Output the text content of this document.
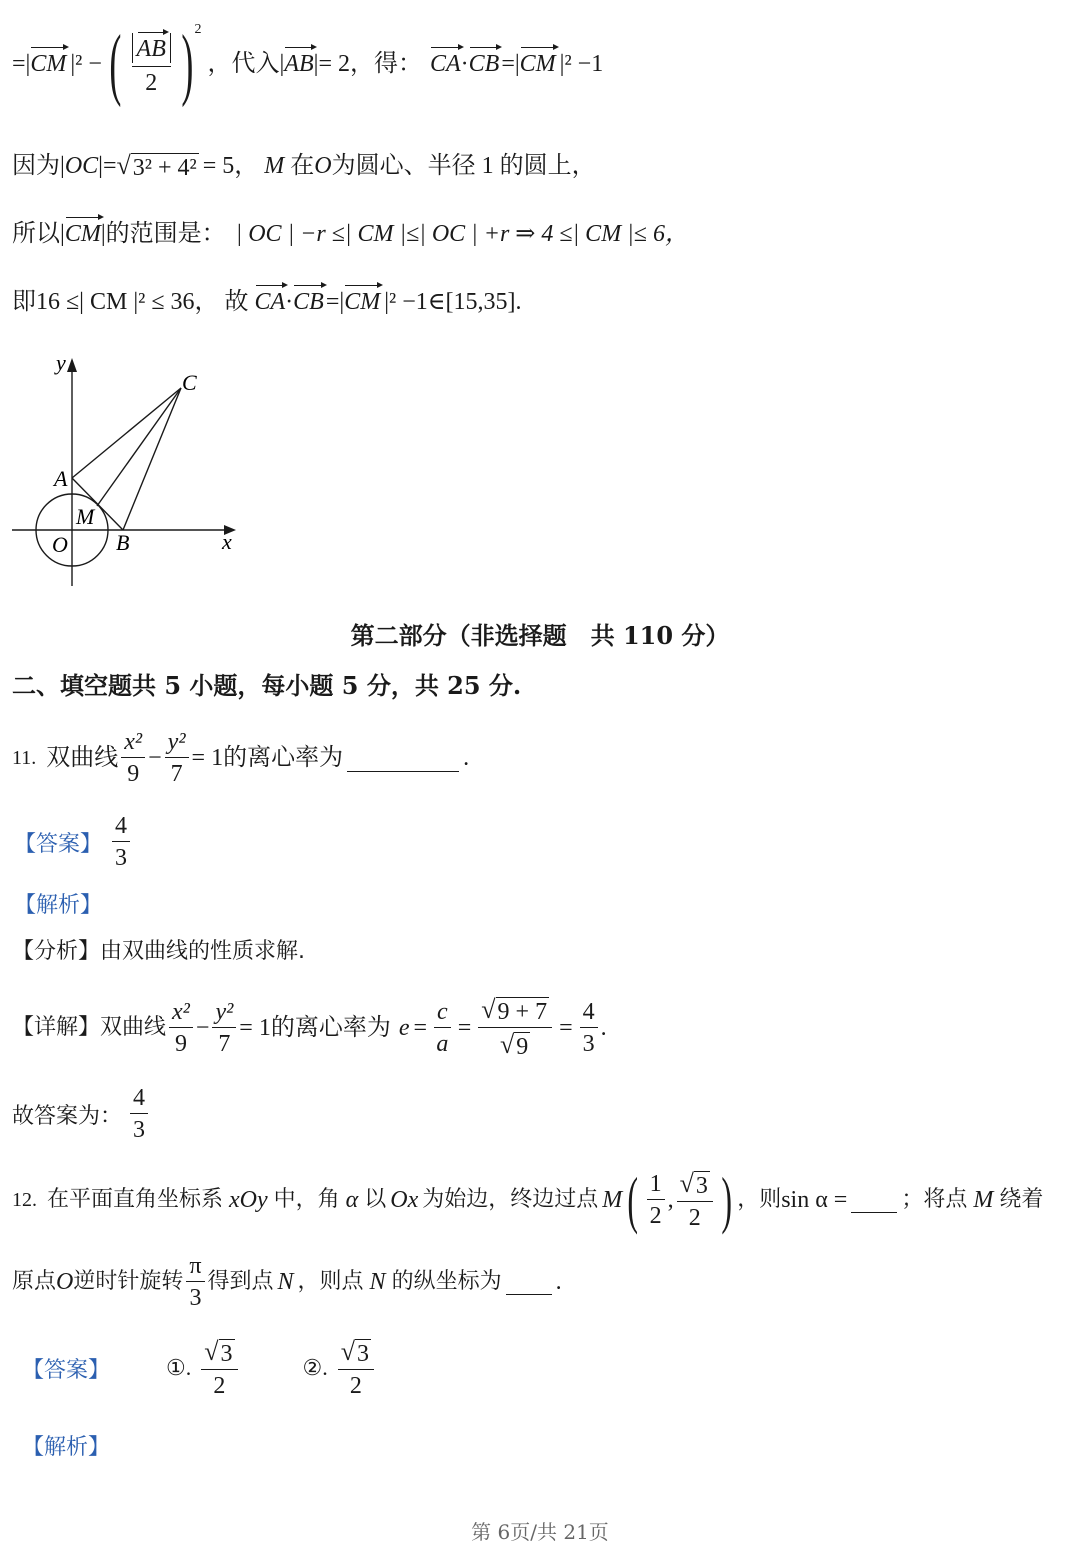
=| CM |² − ( $\frac{AB}{2}$ ) 2
，代入| AB |= 2，得： CA · CB =| CM |² −1
因为| OC |= √ 3² + 4² = 5， M 在 O 为圆心、半径 1 的圆上，
所以| CM |的范围是： | OC | −r ≤| CM |≤| OC | +r ⇒ 4 ≤| CM |≤ 6，
即16 ≤| CM |² ≤ 36， 故 CA · CB =| CM |² −1∈[15,35].
y
x
O
A
B
C
M
第二部分（非选择题　共 110 分）
二、填空题共 5 小题，每小题 5 分，共 25 分.
11. 双曲线 $\frac{\text{x²}}{9} - \frac{\text{y²}}{7} = 1$的离心率为	.
【答案】 $\frac{4}{3}$
【解析】
【分析】由双曲线的性质求解.
【详解】 双曲线 $\frac{\text{x²}}{9} - \frac{\text{y²}}{7} = 1$的离心率为 $e = \frac{c}{a} = \frac{√ 9 + 7}{√ 9} = \frac{4}{3}$ .
故答案为： $\frac{4}{3}$
12. 在平面直角坐标系 xOy 中，角 α 以 Ox 为始边，终边过点 M ( $\frac{1}{2}$ , $\frac{√ 3}{2}$ ) ，则 sin α = ；将点 M 绕着
原点 O 逆时针旋转 $\frac{\pi}{3}$ 得到点 N ，则点 N 的纵坐标为 .
【答案】	①. $\frac{√ 3}{2}$	②. $\frac{√ 3}{2}$
【解析】
第 6页/共 21页
